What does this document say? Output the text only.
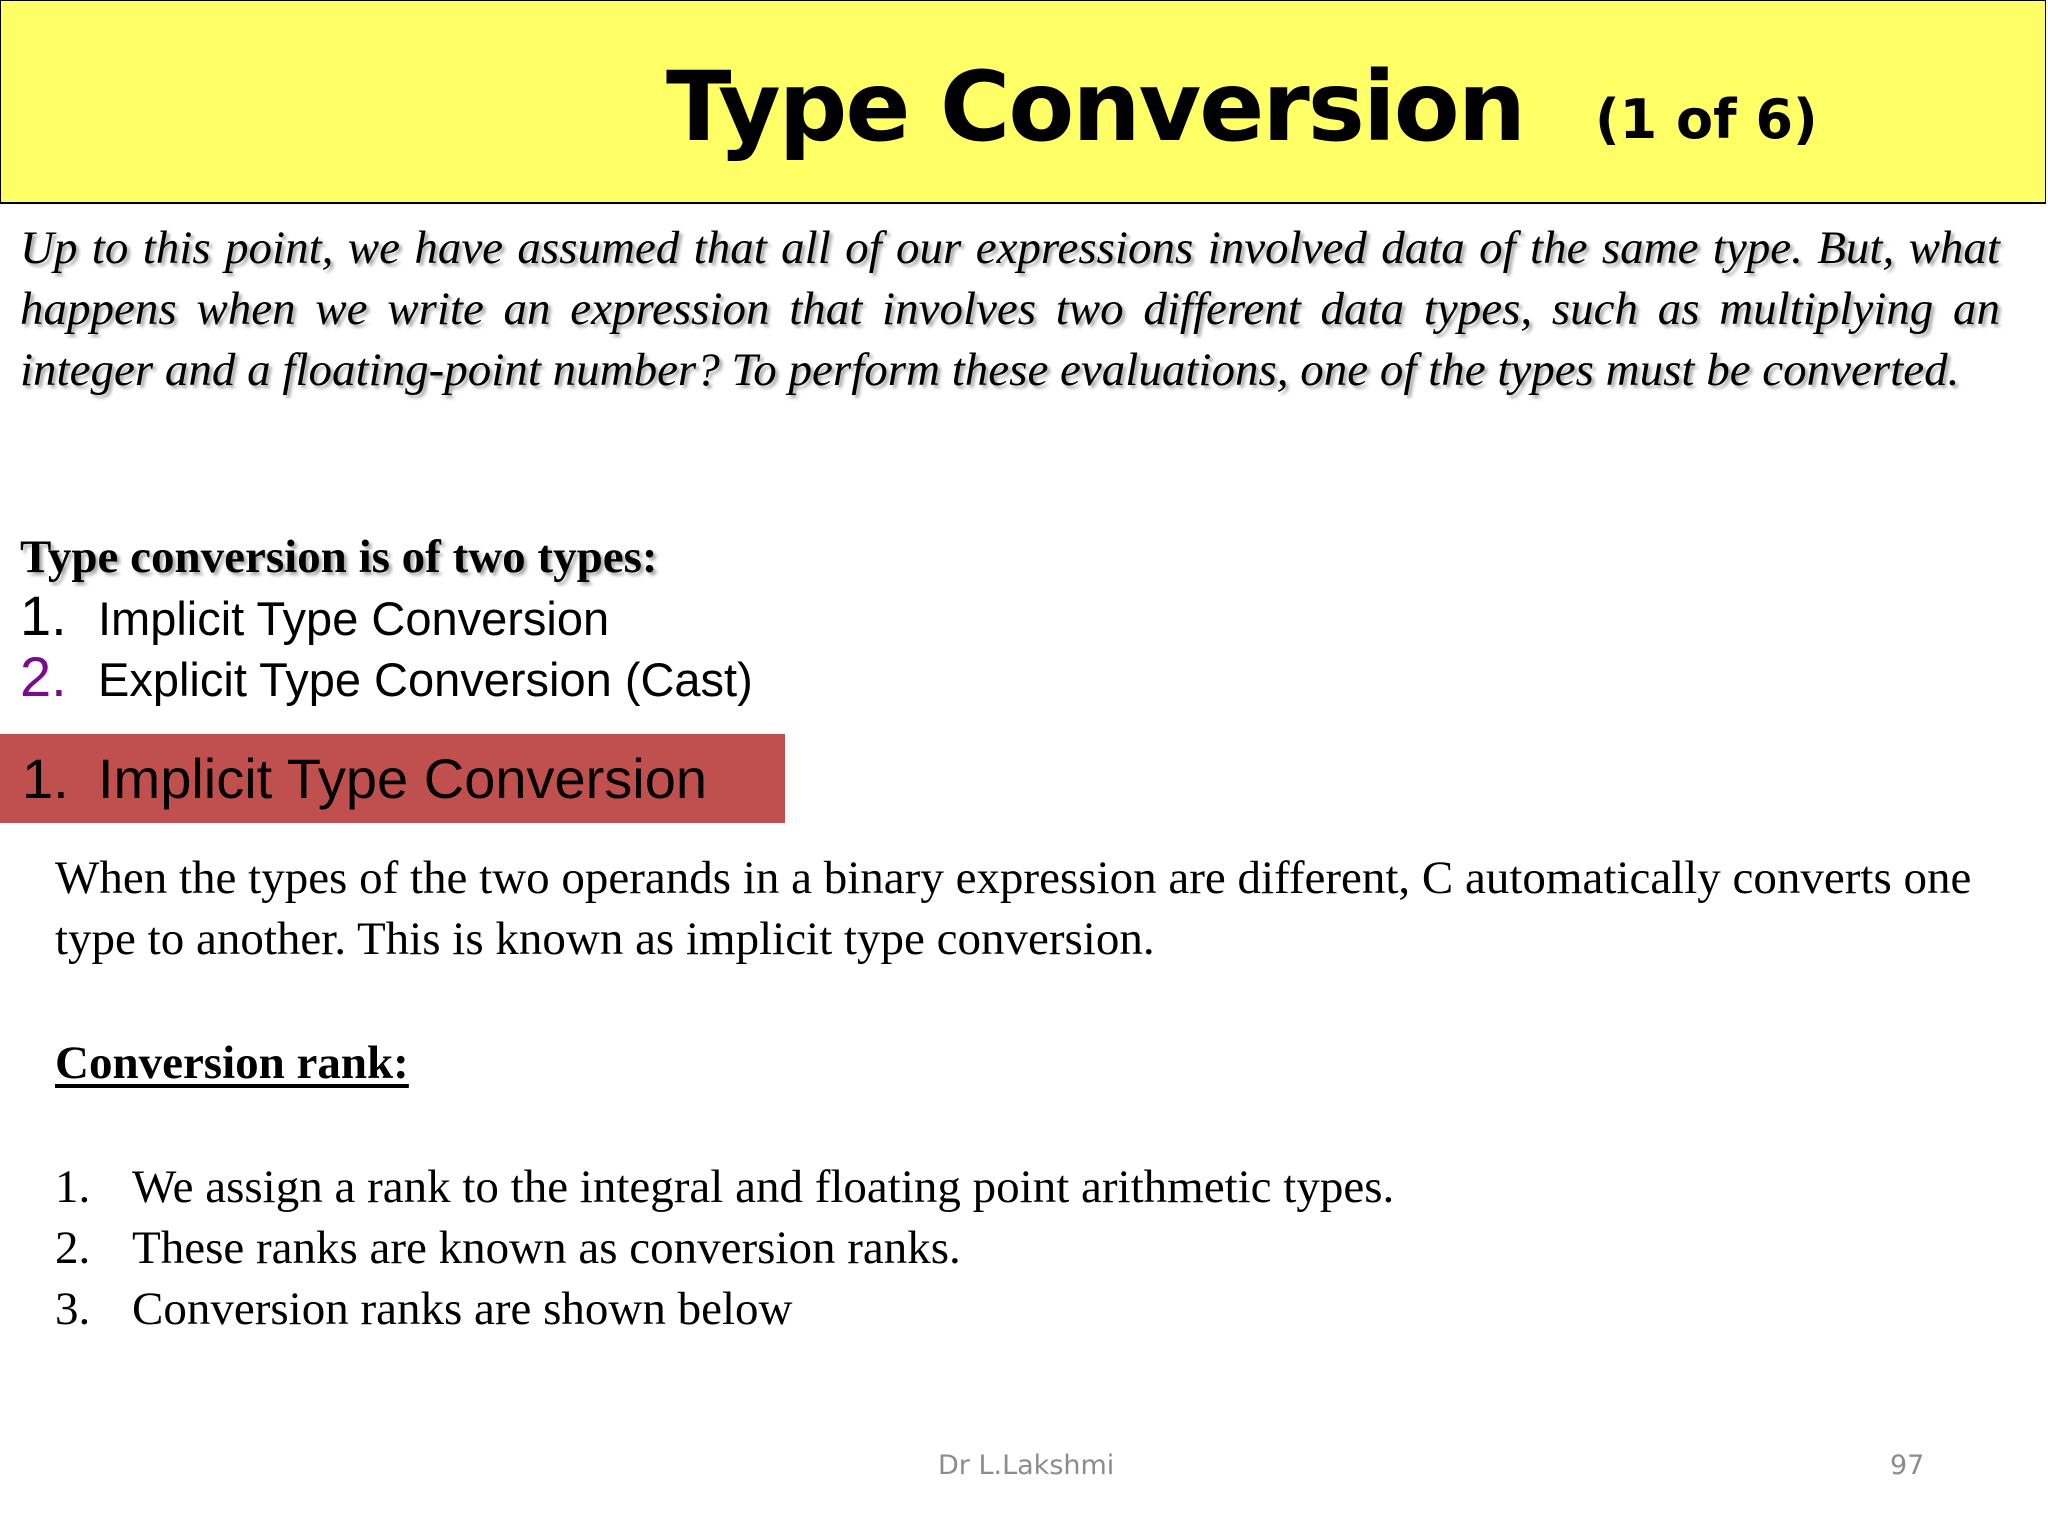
Type Conversion (1 of 6)

Up to this point, we have assumed that all of our expressions involved data of the same type. But, what happens when we write an expression that involves two different data types, such as multiplying an integer and a floating-point number? To perform these evaluations, one of the types must be converted.

Type conversion is of two types:

1. Implicit Type Conversion
2. Explicit Type Conversion (Cast)
1. Implicit Type Conversion

When the types of the two operands in a binary expression are different, C automatically converts one type to another. This is known as implicit type conversion.

Conversion rank:

1. We assign a rank to the integral and floating point arithmetic types.
2. These ranks are known as conversion ranks.
3. Conversion ranks are shown below
Dr L.Lakshmi	97
